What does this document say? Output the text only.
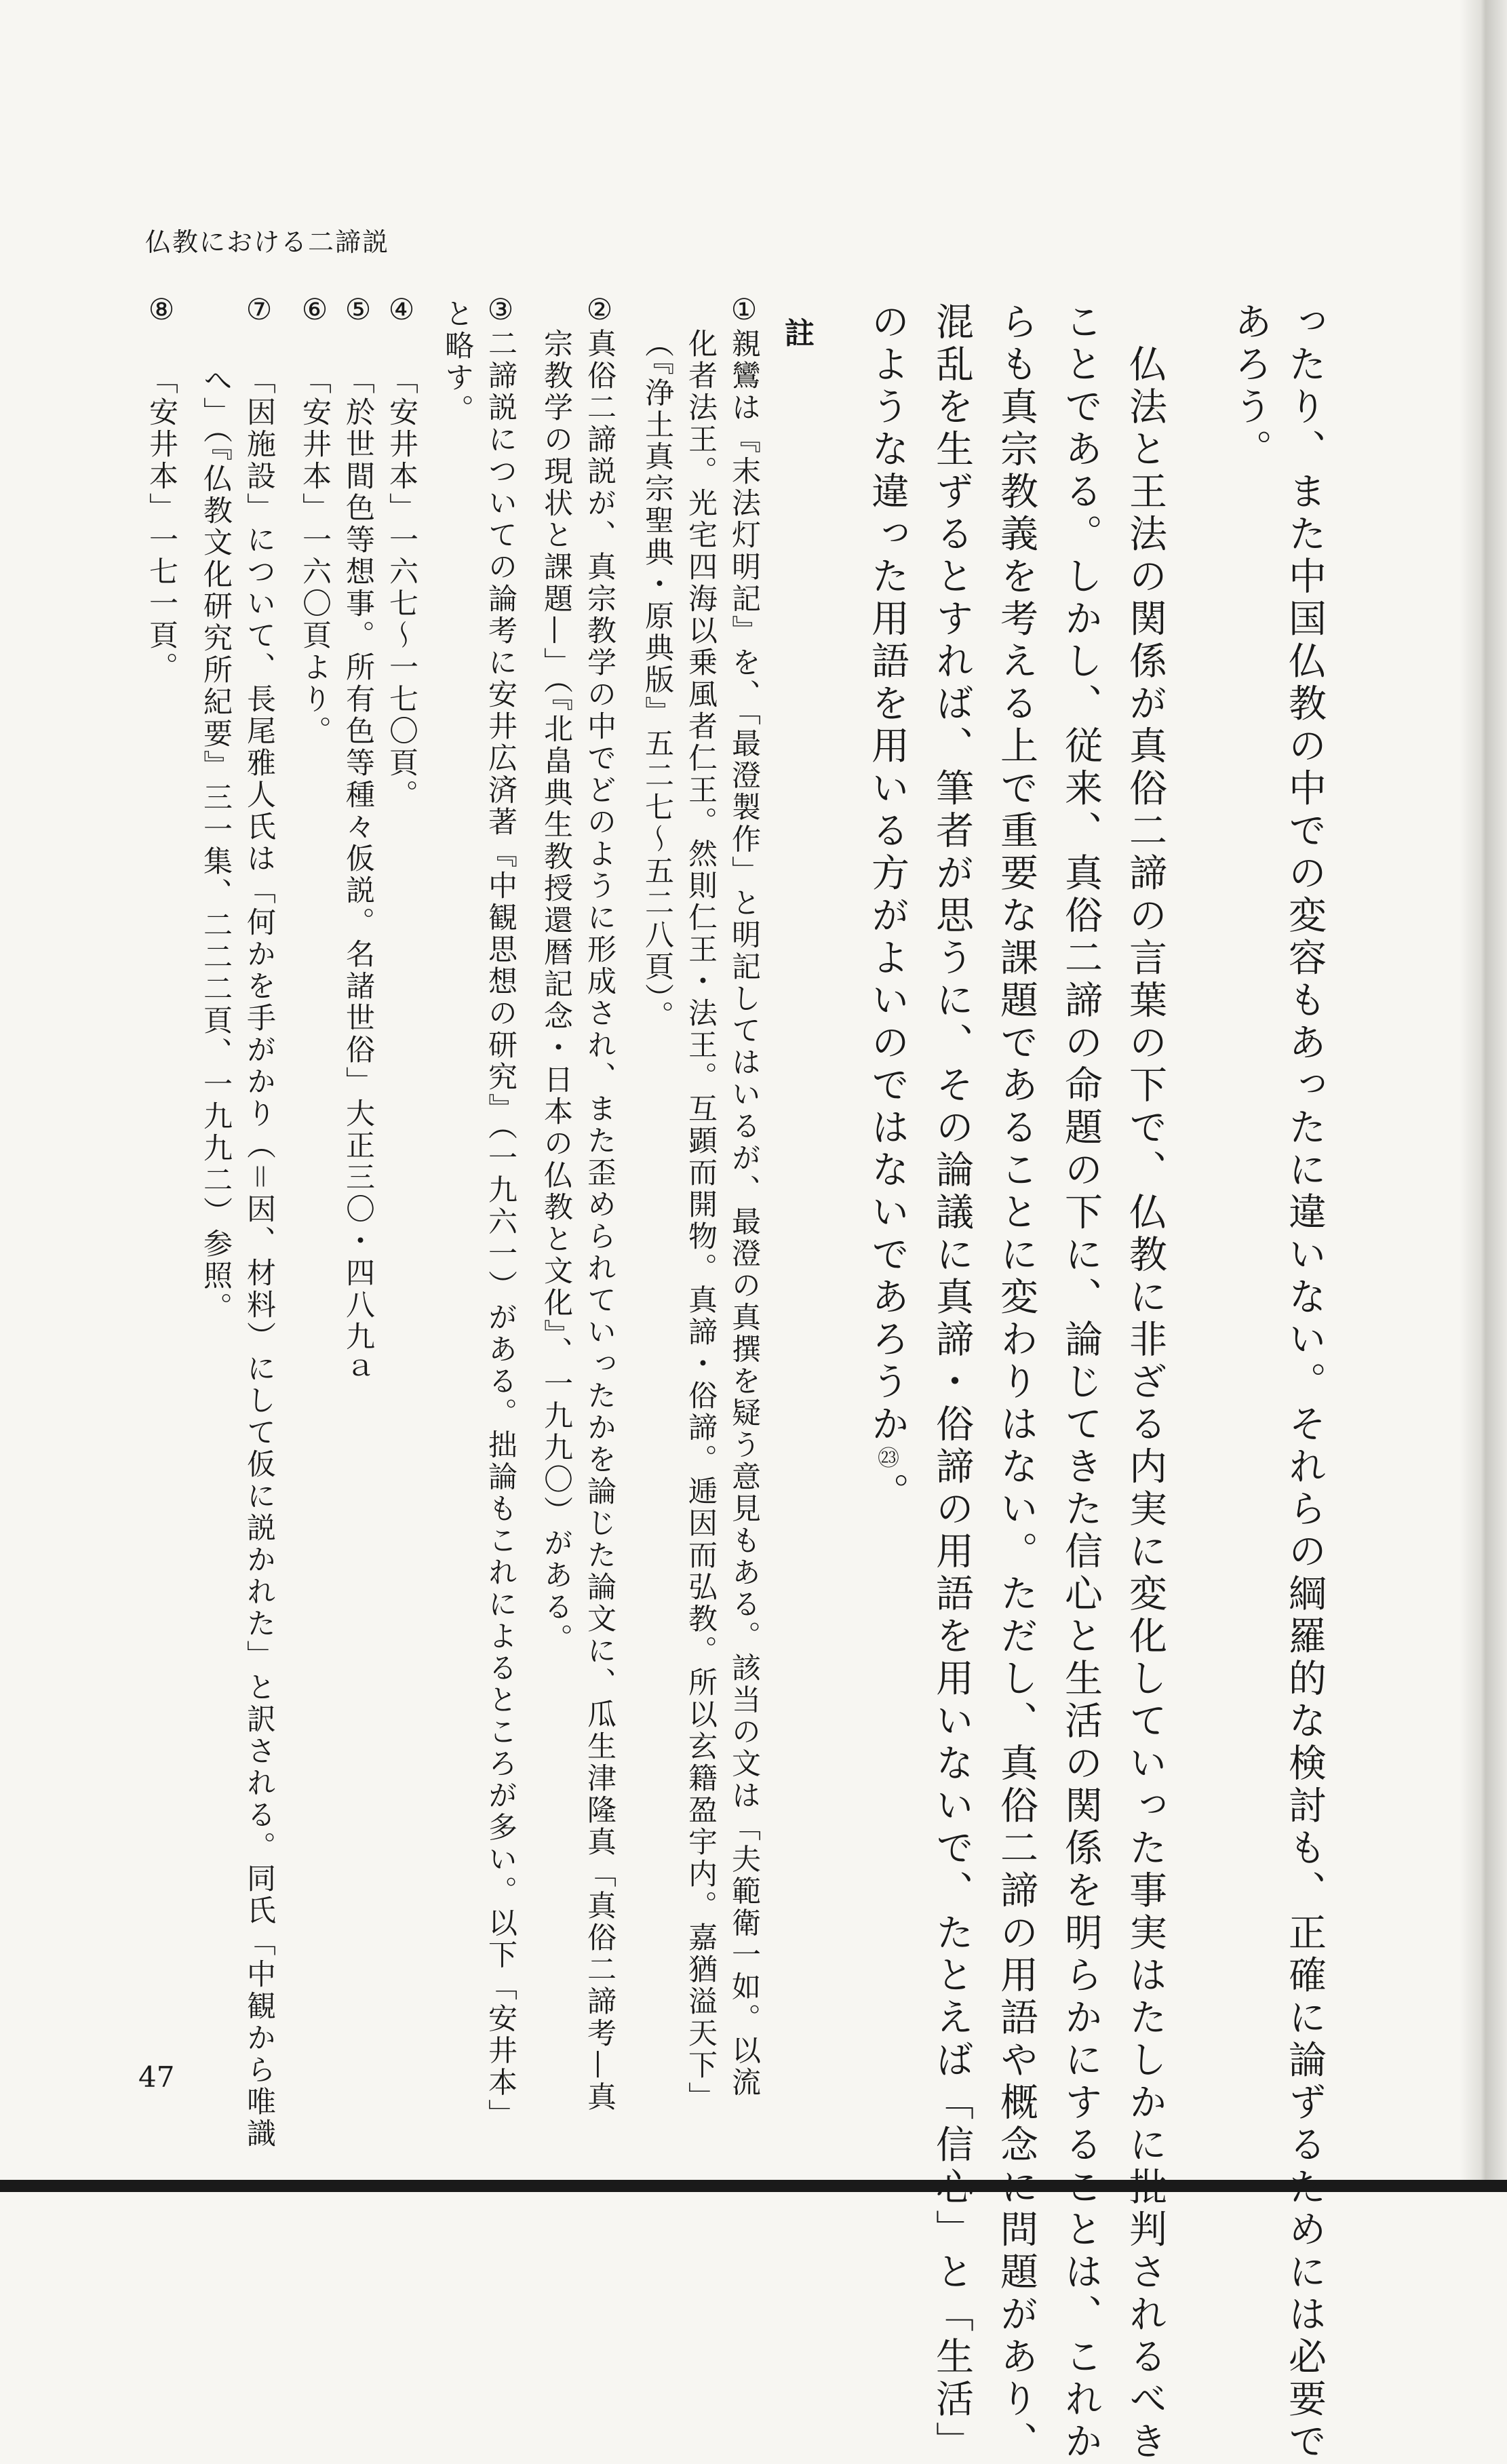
仏教における二諦説
47	ったり、また中国仏教の中での変容もあったに違いない。それらの綱羅的な検討も、正確に論ずるためには必要で
あろう。
　仏法と王法の関係が真俗二諦の言葉の下で、仏教に非ざる内実に変化していった事実はたしかに批判されるべき
ことである。しかし、従来、真俗二諦の命題の下に、論じてきた信心と生活の関係を明らかにすることは、これか
らも真宗教義を考える上で重要な課題であることに変わりはない。ただし、真俗二諦の用語や概念に問題があり、
混乱を生ずるとすれば、筆者が思うに、その論議に真諦・俗諦の用語を用いないで、たとえば「信心」と「生活」
のような違った用語を用いる方がよいのではないであろうか㉓。
註
①
親鸞は『末法灯明記』を、「最澄製作」と明記してはいるが、最澄の真撰を疑う意見もある。該当の文は「夫範衛一如。以流
化者法王。光宅四海以乗風者仁王。然則仁王・法王。互顕而開物。真諦・俗諦。逓因而弘教。所以玄籍盈宇内。嘉猶溢天下」
（『浄土真宗聖典・原典版』五二七〜五二八頁）。
②
真俗二諦説が、真宗教学の中でどのように形成され、また歪められていったかを論じた論文に、瓜生津隆真「真俗二諦考—真
宗教学の現状と課題—」（『北畠典生教授還暦記念・日本の仏教と文化』、一九九〇）がある。
③
二諦説についての論考に安井広済著『中観思想の研究』（一九六一）がある。拙論もこれによるところが多い。以下「安井本」
と略す。
④
「安井本」一六七〜一七〇頁。
⑤
「於世間色等想事。所有色等種々仮説。名諸世俗」大正三〇・四八九ａ
⑥
「安井本」一六〇頁より。
⑦
「因施設」について、長尾雅人氏は「何かを手がかり（＝因、材料）にして仮に説かれた」と訳される。同氏「中観から唯識
へ」（『仏教文化研究所紀要』三一集、二二二頁、一九九二）参照。
⑧
「安井本」一七一頁。
